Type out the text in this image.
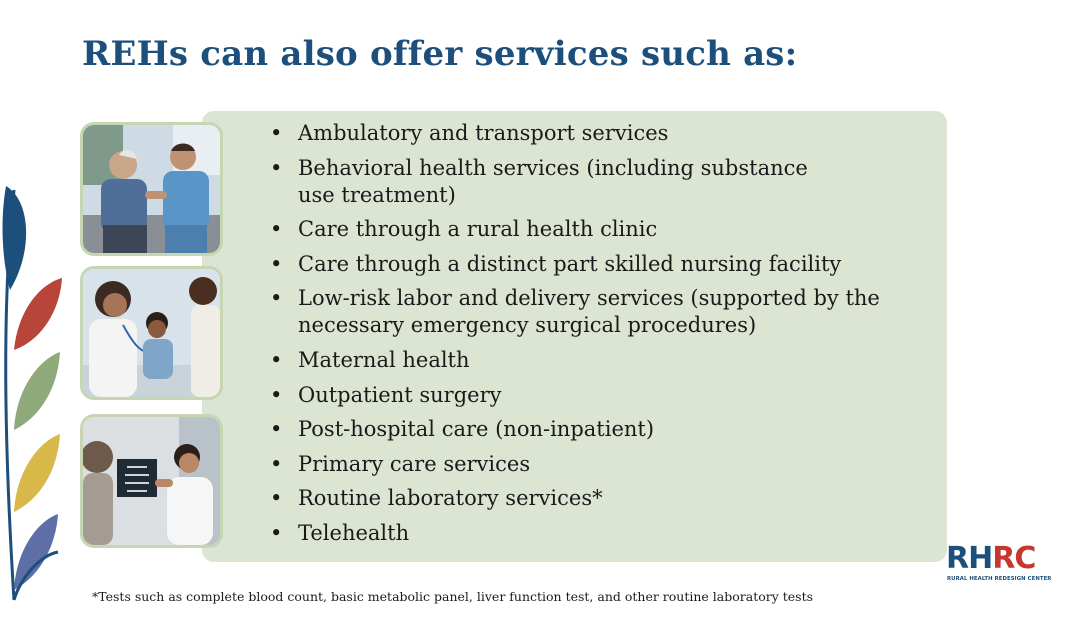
REHs can also offer services such as:
• Ambulatory and transport services
• Behavioral health services (including substance
use treatment)
• Care through a rural health clinic
• Care through a distinct part skilled nursing facility
• Low-risk labor and delivery services (supported by the
necessary emergency surgical procedures)
• Maternal health
• Outpatient surgery
• Post-hospital care (non-inpatient)
• Primary care services
• Routine laboratory services*
• Telehealth
*Tests such as complete blood count, basic metabolic panel, liver function test, and other routine laboratory tests
RHRC
RURAL HEALTH REDESIGN CENTER
